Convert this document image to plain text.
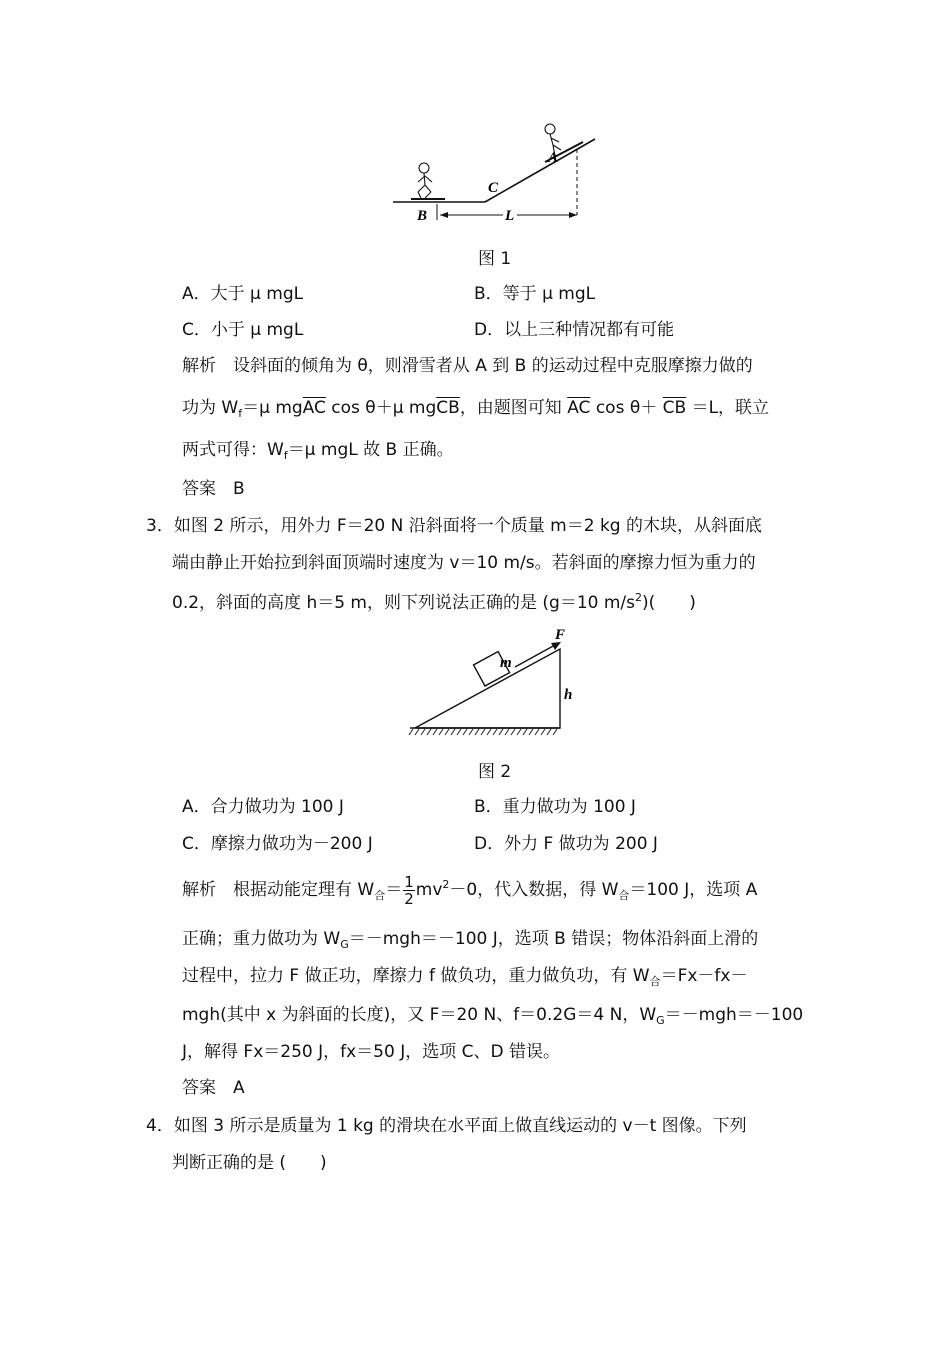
A
C
B	L
图 1
A．大于 μ mgL	B．等于 μ mgL
C．小于 μ mgL	D．以上三种情况都有可能
解析　设斜面的倾角为 θ，则滑雪者从 A 到 B 的运动过程中克服摩擦力做的
功为 $W_f=\mu$ $mg\overline{AC}$ cos θ＋μ $mg\overline{CB}$，由题图可知 $\overline{AC}$ $\cos \theta+ \overline{CB} =L$，联立
两式可得：$W_f=\mu$ mgL 故 B 正确。
答案　B
3．如图 2 所示，用外力 F＝20 N 沿斜面将一个质量 m＝2 kg 的木块，从斜面底
端由静止开始拉到斜面顶端时速度为 v＝10 m/s。若斜面的摩擦力恒为重力的
0.2，斜面的高度 h＝5 m，则下列说法正确的是 (g＝10 $m/s^2$)(　　)
m
F
h
图 2
A．合力做功为 100 J	B．重力做功为 100 J
C．摩擦力做功为－200 J	D．外力 F 做功为 200 J
解析　根据动能定理有 $W_合= \frac{1}{2} mv^2-0$，代入数据，得 $W_合=100$ J，选项 A
正确；重力做功为 $W_G=-mgh=-100$ J，选项 B 错误；物体沿斜面上滑的
过程中，拉力 F 做正功，摩擦力 f 做负功，重力做负功，有 $W_合=Fx-fx-$
mgh(其中 x 为斜面的长度)，又 F＝20 N、f＝0.2G＝4 N，$W_G=-mgh=-100$
J，解得 Fx＝250 J，fx＝50 J，选项 C、D 错误。
答案　A
4．如图 3 所示是质量为 1 kg 的滑块在水平面上做直线运动的 v－t 图像。下列
判断正确的是 (　　)
